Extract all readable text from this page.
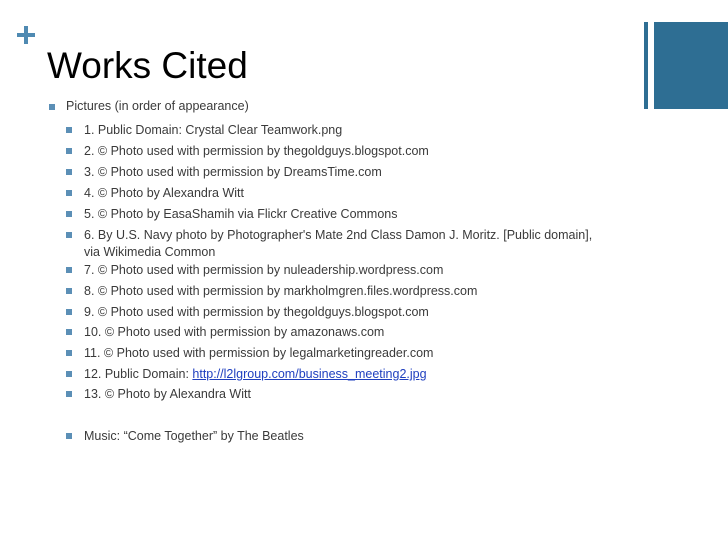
Works Cited
Pictures (in order of appearance)
1. Public Domain: Crystal Clear Teamwork.png
2. © Photo used with permission by thegoldguys.blogspot.com
3. © Photo used with permission by DreamsTime.com
4. © Photo by Alexandra Witt
5. © Photo by EasaShamih via Flickr Creative Commons
6. By U.S. Navy photo by Photographer's Mate 2nd Class Damon J. Moritz. [Public domain], via Wikimedia Common
7. © Photo used with permission by nuleadership.wordpress.com
8. © Photo used with permission by markholmgren.files.wordpress.com
9. © Photo used with permission by thegoldguys.blogspot.com
10. © Photo used with permission by amazonaws.com
11. © Photo used with permission by legalmarketingreader.com
12. Public Domain: http://l2lgroup.com/business_meeting2.jpg
13. © Photo by Alexandra Witt
Music: “Come Together” by The Beatles
